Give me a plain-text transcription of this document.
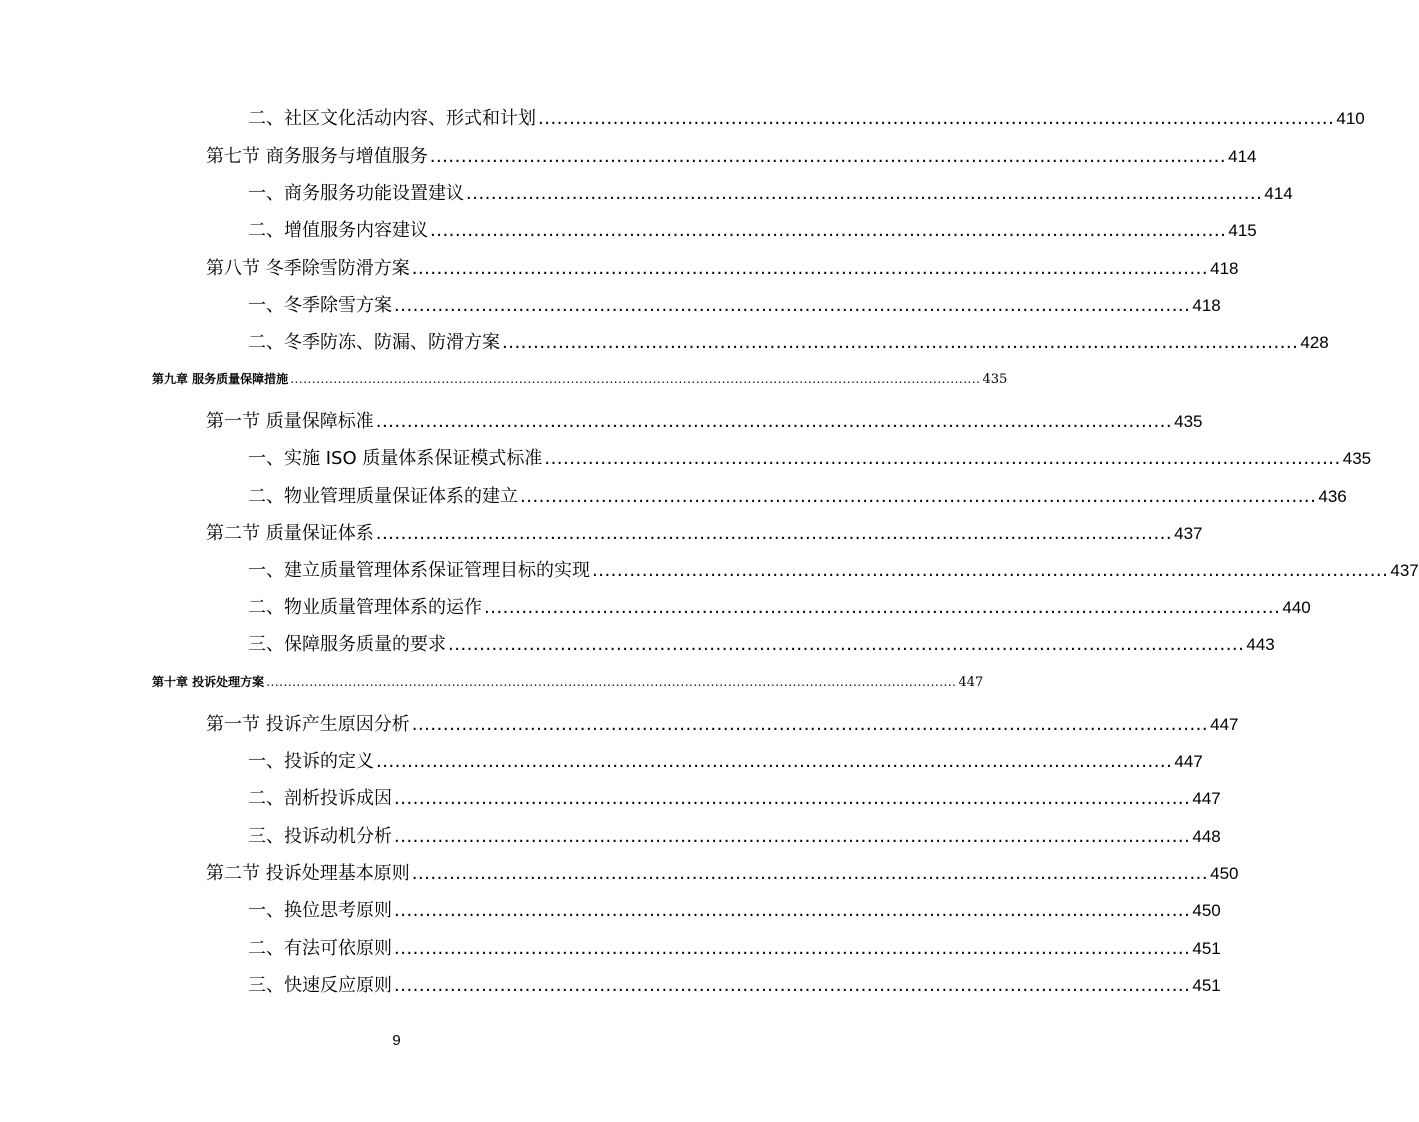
二、社区文化活动内容、形式和计划 ................................................................................................................................ 410
第七节 商务服务与增值服务 ................................................................................................................................ 414
一、商务服务功能设置建议 ................................................................................................................................ 414
二、增值服务内容建议 ................................................................................................................................ 415
第八节 冬季除雪防滑方案 ................................................................................................................................ 418
一、冬季除雪方案 ................................................................................................................................ 418
二、冬季防冻、防漏、防滑方案 ................................................................................................................................ 428
第九章 服务质量保障措施 ................................................................................................................................................................ 435
第一节 质量保障标准 ................................................................................................................................ 435
一、实施 ISO 质量体系保证模式标准 ................................................................................................................................ 435
二、物业管理质量保证体系的建立 ................................................................................................................................ 436
第二节 质量保证体系 ................................................................................................................................ 437
一、建立质量管理体系保证管理目标的实现 ................................................................................................................................ 437
二、物业质量管理体系的运作 ................................................................................................................................ 440
三、保障服务质量的要求 ................................................................................................................................ 443
第十章 投诉处理方案 ................................................................................................................................................................ 447
第一节 投诉产生原因分析 ................................................................................................................................ 447
一、投诉的定义 ................................................................................................................................ 447
二、剖析投诉成因 ................................................................................................................................ 447
三、投诉动机分析 ................................................................................................................................ 448
第二节 投诉处理基本原则 ................................................................................................................................ 450
一、换位思考原则 ................................................................................................................................ 450
二、有法可依原则 ................................................................................................................................ 451
三、快速反应原则 ................................................................................................................................ 451
9
